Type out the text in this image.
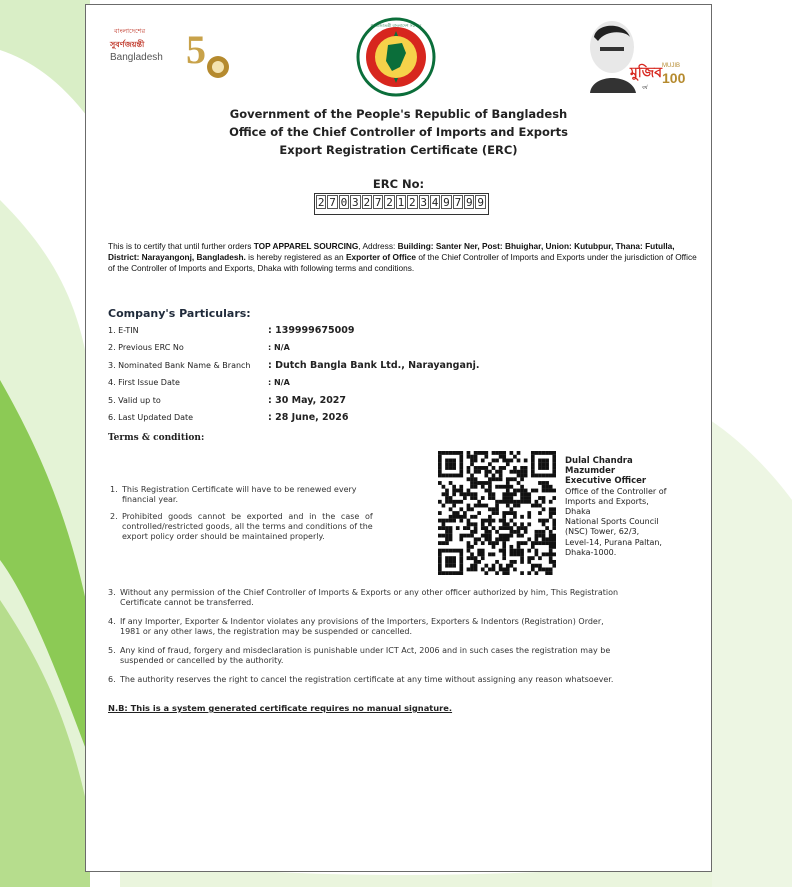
বাংলাদেশের
সুবর্ণজয়ন্তী
Bangladesh 5
গণপ্রজাতন্ত্রী বাংলাদেশ সরকার
মুজিব MUJIB
100
বর্ষ
Government of the People's Republic of Bangladesh
Office of the Chief Controller of Imports and Exports
Export Registration Certificate (ERC)
ERC No:
2 7 0 3 2 7 2 1 2 3 4 9 7 9 9
This is to certify that until further orders TOP APPAREL SOURCING, Address: Building: Santer Ner, Post: Bhuighar, Union: Kutubpur, Thana: Futulla, District: Narayangonj, Bangladesh. is hereby registered as an Exporter of Office of the Chief Controller of Imports and Exports under the jurisdiction of Office of the Controller of Imports and Exports, Dhaka with following terms and conditions.
Company's Particulars:
1. E-TIN	: 139999675009
2. Previous ERC No	: N/A
3. Nominated Bank Name & Branch	: Dutch Bangla Bank Ltd., Narayanganj.
4. First Issue Date	: N/A
5. Valid up to	: 30 May, 2027
6. Last Updated Date	: 28 June, 2026
Terms & condition:
1. This Registration Certificate will have to be renewed every
financial year.
2. Prohibited goods cannot be exported and in the case of
controlled/restricted goods, all the terms and conditions of the
export policy order should be maintained properly.
Dulal Chandra
Mazumder
Executive Officer
Office of the Controller of
Imports and Exports,
Dhaka
National Sports Council
(NSC) Tower, 62/3,
Level-14, Purana Paltan,
Dhaka-1000.
3. Without any permission of the Chief Controller of Imports & Exports or any other officer authorized by him, This Registration
Certificate cannot be transferred.
4. If any Importer, Exporter & Indentor violates any provisions of the Importers, Exporters & Indentors (Registration) Order,
1981 or any other laws, the registration may be suspended or cancelled.
5. Any kind of fraud, forgery and misdeclaration is punishable under ICT Act, 2006 and in such cases the registration may be
suspended or cancelled by the authority.
6. The authority reserves the right to cancel the registration certificate at any time without assigning any reason whatsoever.
N.B: This is a system generated certificate requires no manual signature.
